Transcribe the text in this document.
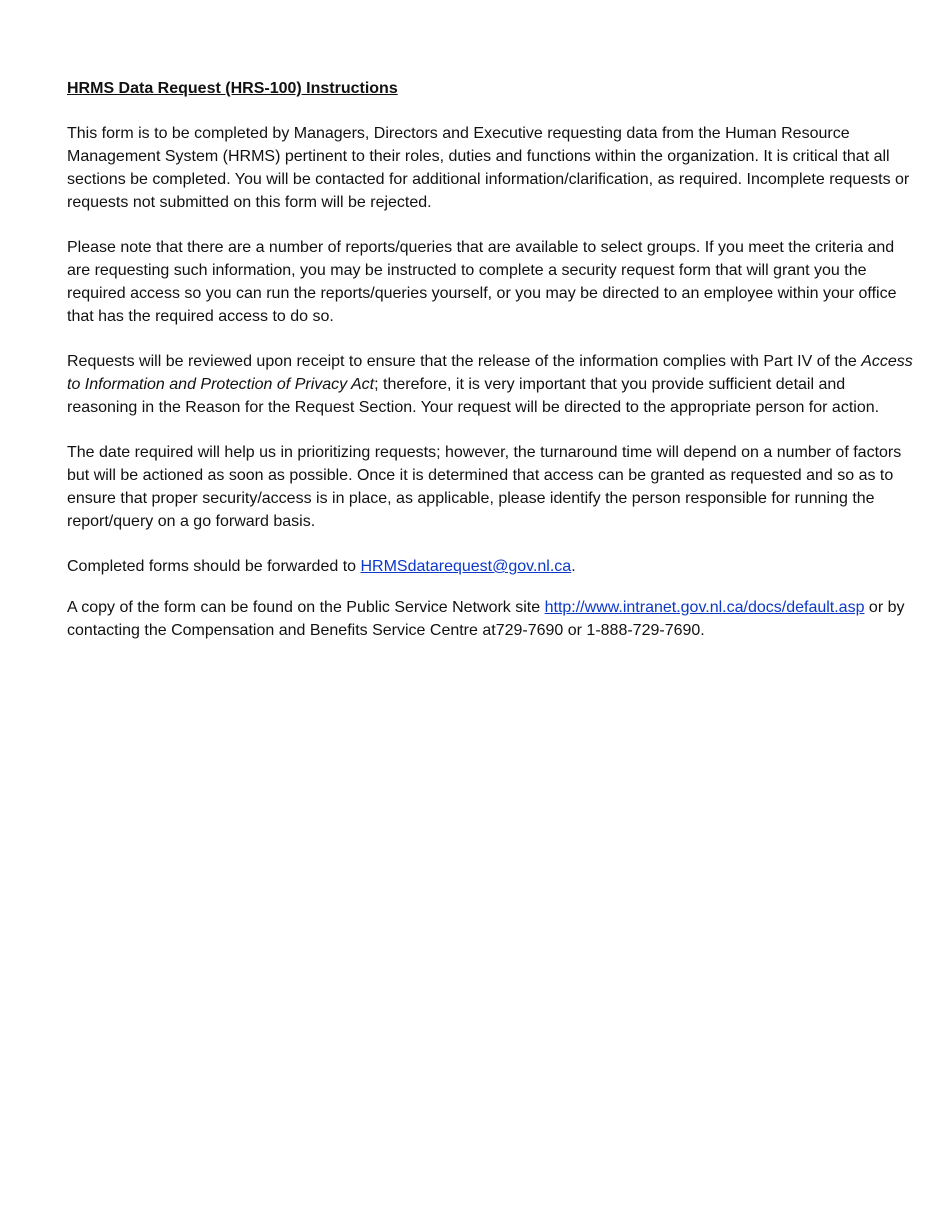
HRMS Data Request (HRS-100) Instructions

This form is to be completed by Managers, Directors and Executive requesting data from the Human Resource Management System (HRMS) pertinent to their roles, duties and functions within the organization. It is critical that all sections be completed. You will be contacted for additional information/clarification, as required. Incomplete requests or requests not submitted on this form will be rejected.

Please note that there are a number of reports/queries that are available to select groups. If you meet the criteria and are requesting such information, you may be instructed to complete a security request form that will grant you the required access so you can run the reports/queries yourself, or you may be directed to an employee within your office that has the required access to do so.

Requests will be reviewed upon receipt to ensure that the release of the information complies with Part IV of the Access to Information and Protection of Privacy Act; therefore, it is very important that you provide sufficient detail and reasoning in the Reason for the Request Section. Your request will be directed to the appropriate person for action.

The date required will help us in prioritizing requests; however, the turnaround time will depend on a number of factors but will be actioned as soon as possible. Once it is determined that access can be granted as requested and so as to ensure that proper security/access is in place, as applicable, please identify the person responsible for running the report/query on a go forward basis.

Completed forms should be forwarded to HRMSdatarequest@gov.nl.ca.

A copy of the form can be found on the Public Service Network site http://www.intranet.gov.nl.ca/docs/default.asp or by contacting the Compensation and Benefits Service Centre at729-7690 or 1-888-729-7690.
